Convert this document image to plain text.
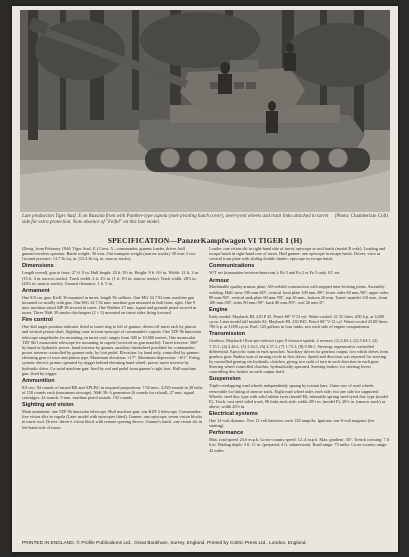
(Photo: Chamberlain Coll)
Late production Tiger Ausf. E on Russian front with Panther-type cupola (note pivoting hatch cover), steel-tyred wheels and track links attached to turret side for extra protection. Note absence of "Feifel" on this late model.
SPECIFICATION—PanzerKampfwagen VI TIGER I (H)

(Desig. from February 1944: Tiger Ausf. E.) Crew: 5—commander, gunner, loader, driver, hull gunner/wireless operator. Battle weight: 56 tons. Our transport weight (narrow tracks): 50 tons 3 cwt. Ground pressure: 14.7 lb./sq. in. (15.4 lb./sq. in. narrow tracks).

Dimensions

Length overall, gun to front: 27 ft. 9 in. Hull length: 20 ft. 8½ in. Height: 9 ft. 6½ in. Width: 12 ft. 3 in. (10 ft. 4 in. narrow tracks). Track width: 2 ft. 4½ in. (1 ft. 8½ in. narrow tracks). Track width: 28½ in. (20½ in. narrow tracks). Ground clearance: 1 ft. 5 in.

Armament

One 8.8 cm. gun, KwK 36 mounted in turret; length 56 calibres. One MG 34 7.92 mm. machine gun mounted co-axially with gun. One MG 34 7.92 mm. machine gun mounted in hull front, right. One 9 mm. machine pistol MP 38 stowed in turret. One Walther 27 mm. signal and grenade pistol stowed in turret. Three NbK 39 smoke dischargers (2 × 3) mounted on turret sides firing forward.

Fire control

One dial target position indicator fitted to turret ring to left of gunner, driven off turret rack by pinion and vertical pinion shaft. Sighting vane in front episcope of commander's cupola. One TZF 9b binocular telescope rangefinder for mounting on turret roof; ranges from 300 to 10,000 metres. One monocular TZF 9b/1 monocular telescope for mounting in cupola (screwed on gun mantlet). Turret traverse: 360° by hand or hydraulic power; hand traverse by gunner, auxiliary handwheel provided for commander; power traverse controlled by gunner only, by foot pedal. Elevation: by hand only, controlled by gunner; elevating gear of rotor and pinion type. Maximum elevation: +17°. Maximum depression: −6½°. Firing system: electric primer operated by trigger behind elevating hand wheel; power turret traverse by hydraulic drive. Co-axial machine gun: fired by rod and pedal from gunner's right foot. Hull machine gun: fired by trigger.

Ammunition

8.8 cm.: 92 rounds of mixed HE and APCBC in required proportions. 7.92 mm.: 3,920 rounds in 28 belts of 150 rounds each (maximum stowage). NbK 39: 6 generators (6 rounds for reload). 27 mm. signal cartridges: 24 rounds. 9 mm. machine pistol rounds: 192 rounds.

Sighting and vision

Main armament: one TZF 9b binocular telescope. Hull machine gun: one KZF 2 telescope. Commander: five vision slits in cupola (Later model with episcopes fitted). Gunner: one episcope; seven vision blocks in turret roof. Driver: driver's vision block with remote opening device. Gunner's hatch: one vision slit in left-hand side of turret.

Loader: one vision slit in right-hand side of turret; episcope in roof hatch (model E only). Loading and escape hatch in right-hand rear of turret. Hull gunner: one episcope in escape hatch. Driver: visor in vertical front plate with sliding double shutter; episcope in escape hatch.

Communications

W/T set (transmitter/receiver/intercom.): Fu 5 and Fu 2 or Fu 5 only. I/C set.

Armour

Machinable quality armour plate; All-welded construction with stepped inter-locking joints. Assembly welding. Hull: nose 100 mm./60°, vertical front plate 100 mm./80°, lower sides 60 mm./90°, upper sides 80 mm./90°, vertical tank plate 60 mm./90°, top 26 mm., bottom 26 mm. Turret: mantlet 110 mm., front 100 mm./80°, sides 80 mm./90°, back 80 mm./90°, roof 26 mm./0°.

Engine

Early model: Maybach HL 210 P 45. Petrol 60° V-12 cyl. Water-cooled. 21.35 litres. 650 h.p. at 3,000 r.p.m. Later model (all models E): Maybach HL 230 P45. Petrol 60° V-12 cyl. Water-cooled 23.88 litres. 700 h.p. at 3,000 r.p.m. Fuel: 125 gallons in four tanks, two each side of engine compartment.

Transmission

Gearbox: Maybach Olvar pre-selector type; 8 forward speeds, 4 reverse; (1) 2.65:1, (2) 5.63:1, (3) 7.15:1, (4) 4.46:1, (5) 3.16:1, (6) 2.37:1, (7) 1.73:1, (8) 0.96:1. Steering: regenerative controlled differential. Epicyclic train in each sprocket. Auxiliary drives for gearbox output, two whisk drives from gearbox gear. Radius turn of turning circle in first drives. Speed and direction was reported for steering by controlled gearing via hydraulic clutches, giving two radii of turn in each direction in each gear. Steering wheel controlled clutches, hydraulically operated. Steering brakes: for steering levers controlling disc brakes on each output shaft.

Suspension

Triple overlapping road wheels independently sprung by torsion bars. Outer row of road wheels removable for fitting of narrow track. Eight road wheel axles each side; two per side for supported. Wheels: steel disc type with solid rubber tyres (model H); internally-sprung steel-tyred disc type (model E). Track: cast steel sided track, 96 links each side; width 28½ in. (model F), 20½ in. (narrow track) as above, width 20½ in.

Electrical systems

One 12-volt dynamo. Two 12 volt batteries; each 120 amps/hr. Ignition; one 6-volt magneto (for starting).

Performance

Max. road speed: 23.6 m.p.h. Cross-country speed: 12–4 m.p.h. Max. gradient: 35°. Trench crossing: 7 ft 6 in. Wading depth: 3 ft. 11 in. (prepared, 4 ft. submersion). Road range: 73 miles. Cross-country range: 42 miles.

PRINTED IN ENGLAND. © Profile Publications Ltd., Great Bookham, Surrey, England. Printed by Coltric Press Ltd., London, England.
